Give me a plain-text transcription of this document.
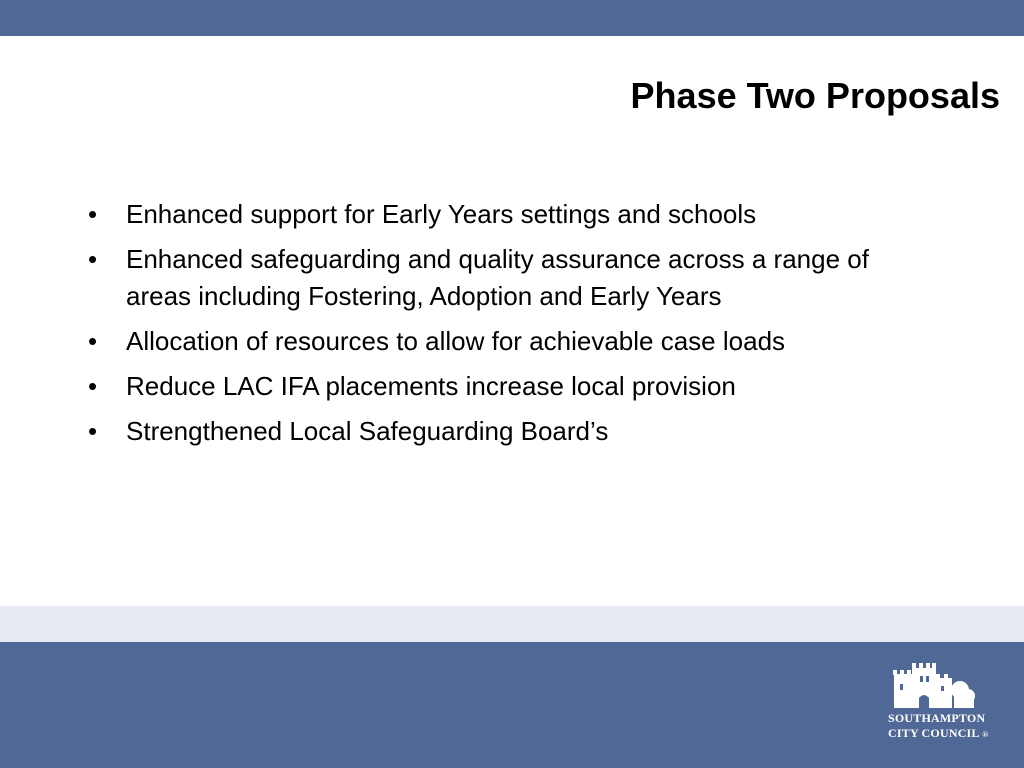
Phase Two Proposals
• Enhanced support for Early Years settings and schools
• Enhanced safeguarding and quality assurance across a range of areas including Fostering, Adoption and Early Years
• Allocation of resources to allow for achievable case loads
• Reduce LAC IFA placements increase local provision
• Strengthened Local Safeguarding Board’s
SOUTHAMPTON
CITY COUNCIL ®
